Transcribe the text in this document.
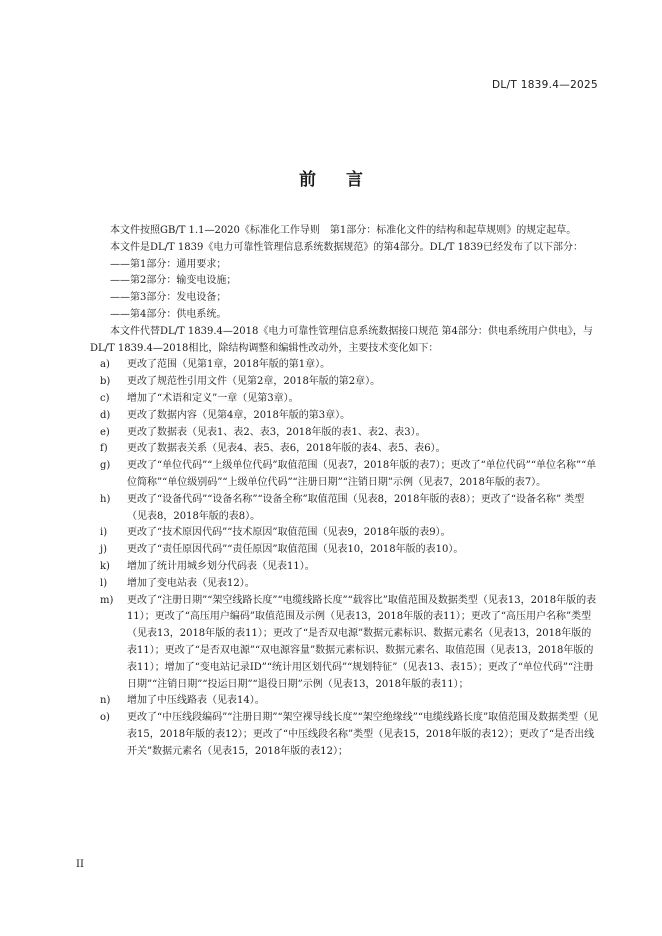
DL/T 1839.4—2025
前言

本文件按照GB/T 1.1—2020《标准化工作导则　第1部分：标准化文件的结构和起草规则》的规定起草。

本文件是DL/T 1839《电力可靠性管理信息系统数据规范》的第4部分。DL/T 1839已经发布了以下部分：

——第1部分：通用要求；

——第2部分：输变电设施；

——第3部分：发电设备；

——第4部分：供电系统。

本文件代替DL/T 1839.4—2018《电力可靠性管理信息系统数据接口规范 第4部分：供电系统用户供电》，与DL/T 1839.4—2018相比，除结构调整和编辑性改动外，主要技术变化如下：

a) 更改了范围（见第1章，2018年版的第1章）。

b) 更改了规范性引用文件（见第2章，2018年版的第2章）。

c) 增加了“术语和定义”一章（见第3章）。

d) 更改了数据内容（见第4章，2018年版的第3章）。

e) 更改了数据表（见表1、表2、表3，2018年版的表1、表2、表3）。

f) 更改了数据表关系（见表4、表5、表6，2018年版的表4、表5、表6）。

g) 更改了“单位代码”“上级单位代码”取值范围（见表7，2018年版的表7）；更改了“单位代码”“单位名称”“单位简称”“单位级别码”“上级单位代码”“注册日期”“注销日期”示例（见表7，2018年版的表7）。

h) 更改了“设备代码”“设备名称”“设备全称”取值范围（见表8，2018年版的表8）；更改了“设备名称” 类型（见表8，2018年版的表8）。

i) 更改了“技术原因代码”“技术原因”取值范围（见表9，2018年版的表9）。

j) 更改了“责任原因代码”“责任原因”取值范围（见表10，2018年版的表10）。

k) 增加了统计用城乡划分代码表（见表11）。

l) 增加了变电站表（见表12）。

m) 更改了“注册日期”“架空线路长度”“电缆线路长度”“载容比”取值范围及数据类型（见表13，2018年版的表11）；更改了“高压用户编码”取值范围及示例（见表13，2018年版的表11）；更改了“高压用户名称”类型（见表13，2018年版的表11）；更改了“是否双电源”数据元素标识、数据元素名（见表13，2018年版的表11）；更改了“是否双电源”“双电源容量”数据元素标识、数据元素名、取值范围（见表13，2018年版的表11）；增加了“变电站记录ID”“统计用区划代码”“规划特征”（见表13、表15）；更改了“单位代码”“注册日期”“注销日期”“投运日期”“退役日期”示例（见表13，2018年版的表11）；

n) 增加了中压线路表（见表14）。

o) 更改了“中压线段编码”“注册日期”“架空裸导线长度”“架空绝缘线”“电缆线路长度”取值范围及数据类型（见表15，2018年版的表12）；更改了“中压线段名称”类型（见表15，2018年版的表12）；更改了“是否出线开关”数据元素名（见表15，2018年版的表12）；

II
